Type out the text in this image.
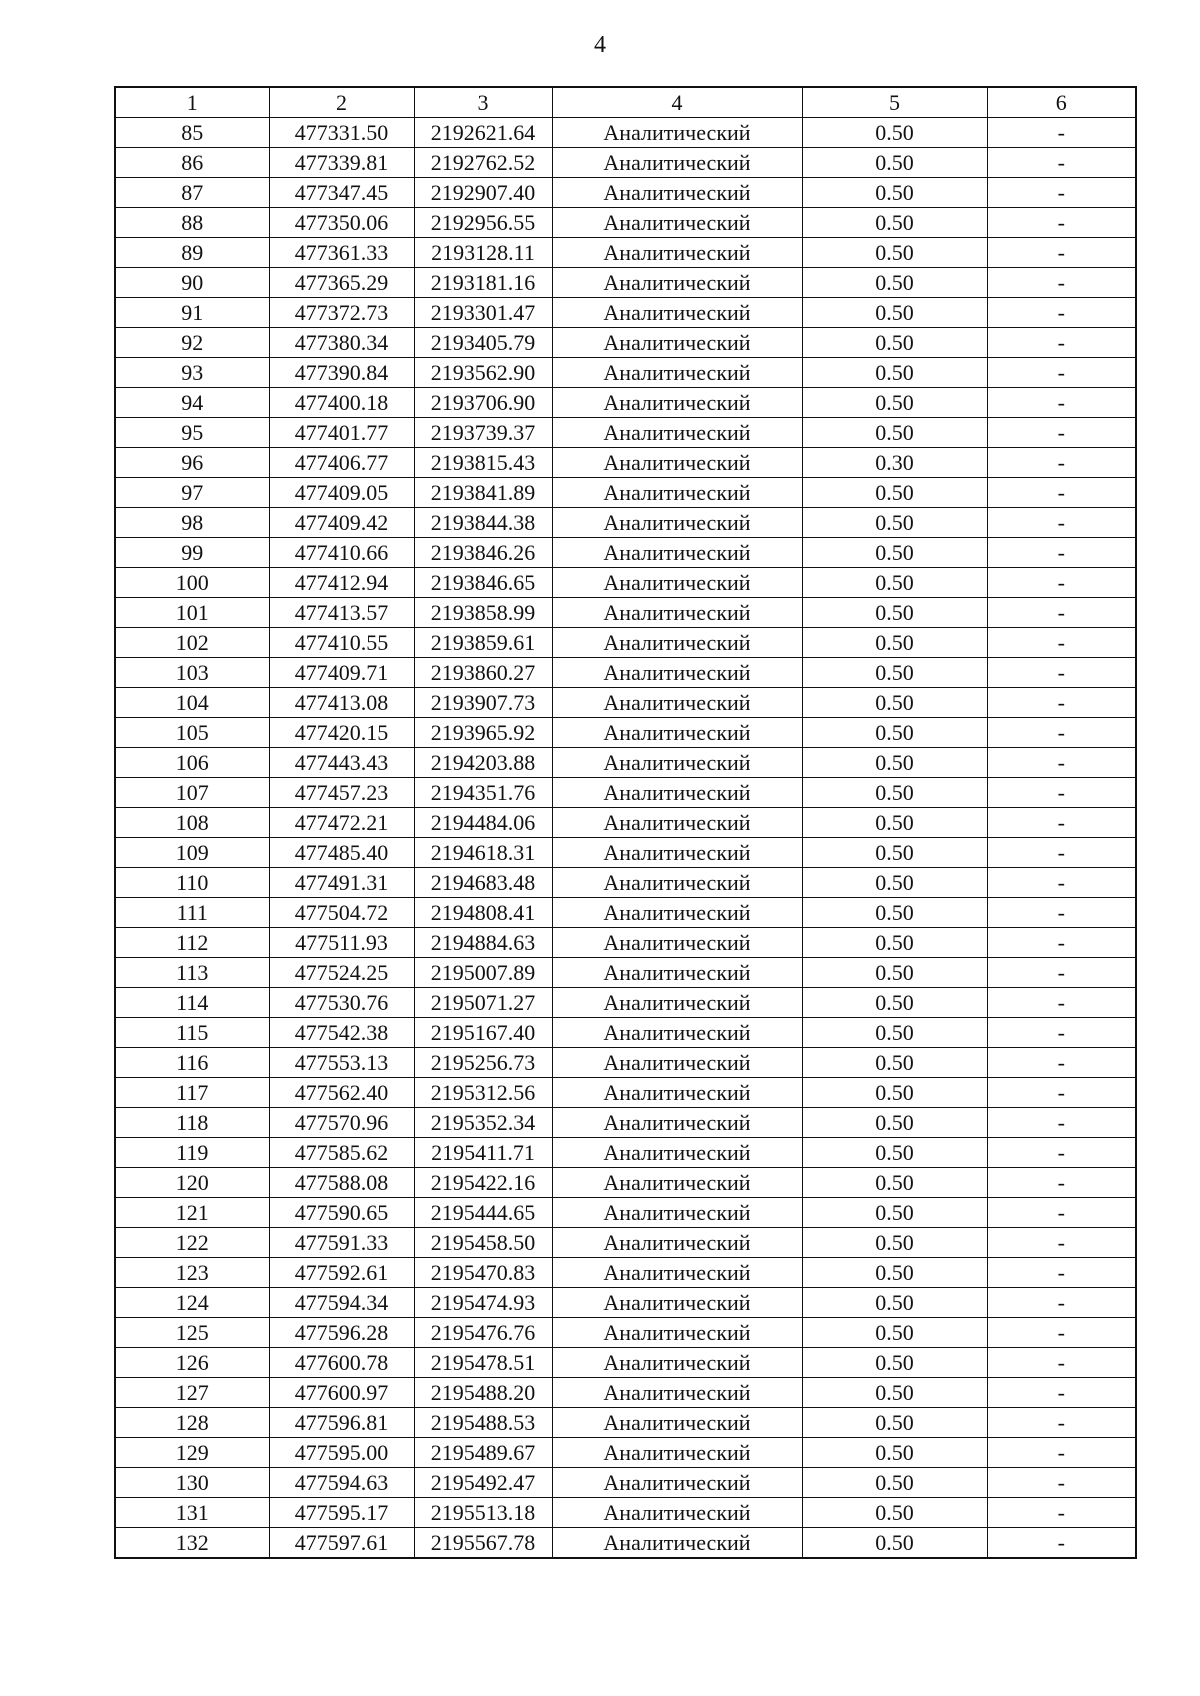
4
1	2	3	4	5	6
85	477331.50	2192621.64	Аналитический	0.50	-
86	477339.81	2192762.52	Аналитический	0.50	-
87	477347.45	2192907.40	Аналитический	0.50	-
88	477350.06	2192956.55	Аналитический	0.50	-
89	477361.33	2193128.11	Аналитический	0.50	-
90	477365.29	2193181.16	Аналитический	0.50	-
91	477372.73	2193301.47	Аналитический	0.50	-
92	477380.34	2193405.79	Аналитический	0.50	-
93	477390.84	2193562.90	Аналитический	0.50	-
94	477400.18	2193706.90	Аналитический	0.50	-
95	477401.77	2193739.37	Аналитический	0.50	-
96	477406.77	2193815.43	Аналитический	0.30	-
97	477409.05	2193841.89	Аналитический	0.50	-
98	477409.42	2193844.38	Аналитический	0.50	-
99	477410.66	2193846.26	Аналитический	0.50	-
100	477412.94	2193846.65	Аналитический	0.50	-
101	477413.57	2193858.99	Аналитический	0.50	-
102	477410.55	2193859.61	Аналитический	0.50	-
103	477409.71	2193860.27	Аналитический	0.50	-
104	477413.08	2193907.73	Аналитический	0.50	-
105	477420.15	2193965.92	Аналитический	0.50	-
106	477443.43	2194203.88	Аналитический	0.50	-
107	477457.23	2194351.76	Аналитический	0.50	-
108	477472.21	2194484.06	Аналитический	0.50	-
109	477485.40	2194618.31	Аналитический	0.50	-
110	477491.31	2194683.48	Аналитический	0.50	-
111	477504.72	2194808.41	Аналитический	0.50	-
112	477511.93	2194884.63	Аналитический	0.50	-
113	477524.25	2195007.89	Аналитический	0.50	-
114	477530.76	2195071.27	Аналитический	0.50	-
115	477542.38	2195167.40	Аналитический	0.50	-
116	477553.13	2195256.73	Аналитический	0.50	-
117	477562.40	2195312.56	Аналитический	0.50	-
118	477570.96	2195352.34	Аналитический	0.50	-
119	477585.62	2195411.71	Аналитический	0.50	-
120	477588.08	2195422.16	Аналитический	0.50	-
121	477590.65	2195444.65	Аналитический	0.50	-
122	477591.33	2195458.50	Аналитический	0.50	-
123	477592.61	2195470.83	Аналитический	0.50	-
124	477594.34	2195474.93	Аналитический	0.50	-
125	477596.28	2195476.76	Аналитический	0.50	-
126	477600.78	2195478.51	Аналитический	0.50	-
127	477600.97	2195488.20	Аналитический	0.50	-
128	477596.81	2195488.53	Аналитический	0.50	-
129	477595.00	2195489.67	Аналитический	0.50	-
130	477594.63	2195492.47	Аналитический	0.50	-
131	477595.17	2195513.18	Аналитический	0.50	-
132	477597.61	2195567.78	Аналитический	0.50	-
